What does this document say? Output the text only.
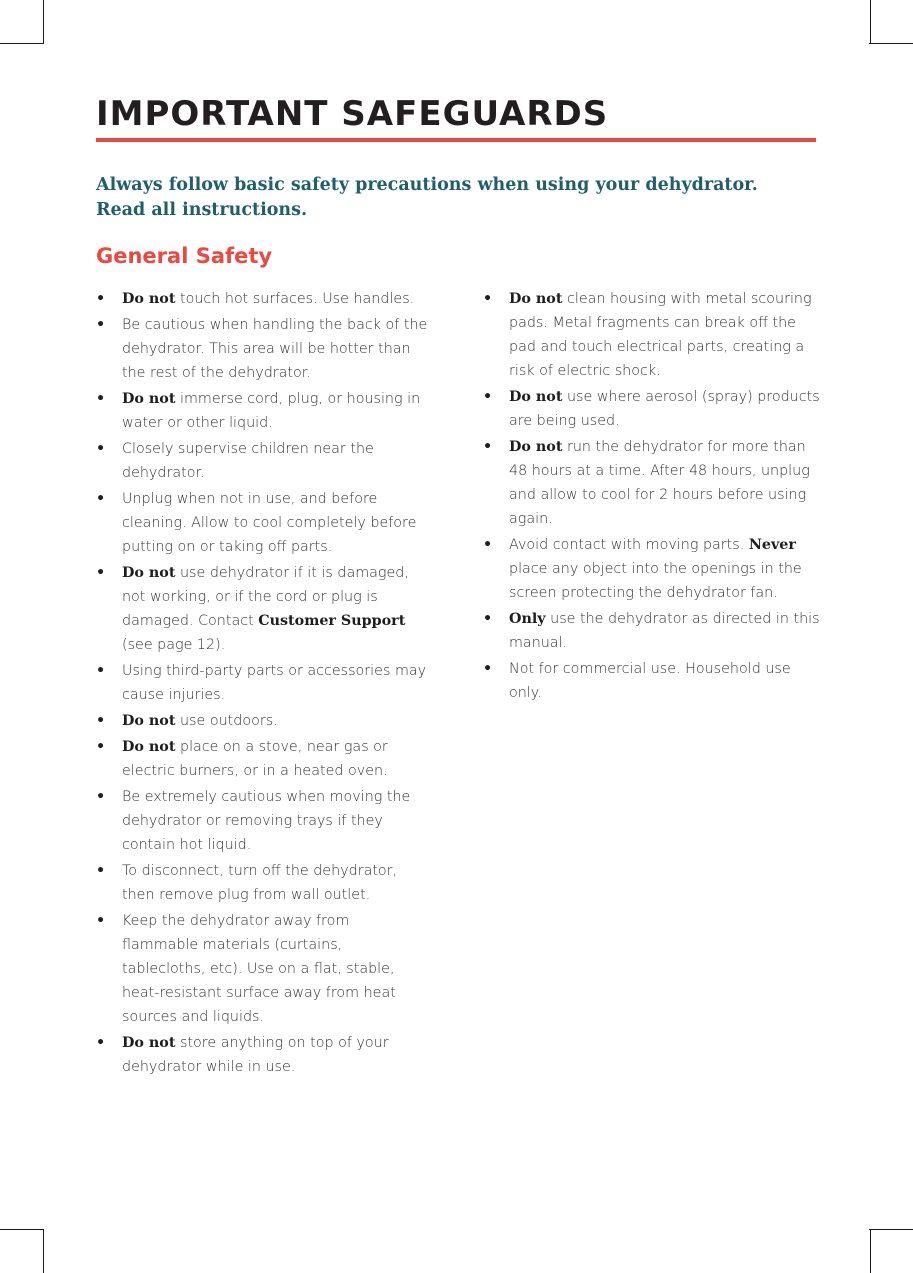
IMPORTANT SAFEGUARDS

Always follow basic safety precautions when using your dehydrator.
Read all instructions.

General Safety
• Do not touch hot surfaces. Use handles.
• Be cautious when handling the back of the dehydrator. This area will be hotter than the rest of the dehydrator.
• Do not immerse cord, plug, or housing in water or other liquid.
• Closely supervise children near the dehydrator.
• Unplug when not in use, and before cleaning. Allow to cool completely before putting on or taking off parts.
• Do not use dehydrator if it is damaged, not working, or if the cord or plug is damaged. Contact Customer Support (see page 12).
• Using third-party parts or accessories may cause injuries.
• Do not use outdoors.
• Do not place on a stove, near gas or electric burners, or in a heated oven.
• Be extremely cautious when moving the dehydrator or removing trays if they contain hot liquid.
• To disconnect, turn off the dehydrator, then remove plug from wall outlet.
• Keep the dehydrator away from flammable materials (curtains, tablecloths, etc). Use on a flat, stable, heat-resistant surface away from heat sources and liquids.
• Do not store anything on top of your dehydrator while in use.
• Do not clean housing with metal scouring pads. Metal fragments can break off the pad and touch electrical parts, creating a risk of electric shock.
• Do not use where aerosol (spray) products are being used.
• Do not run the dehydrator for more than 48 hours at a time. After 48 hours, unplug and allow to cool for 2 hours before using again.
• Avoid contact with moving parts. Never place any object into the openings in the screen protecting the dehydrator fan.
• Only use the dehydrator as directed in this manual.
• Not for commercial use. Household use only.
